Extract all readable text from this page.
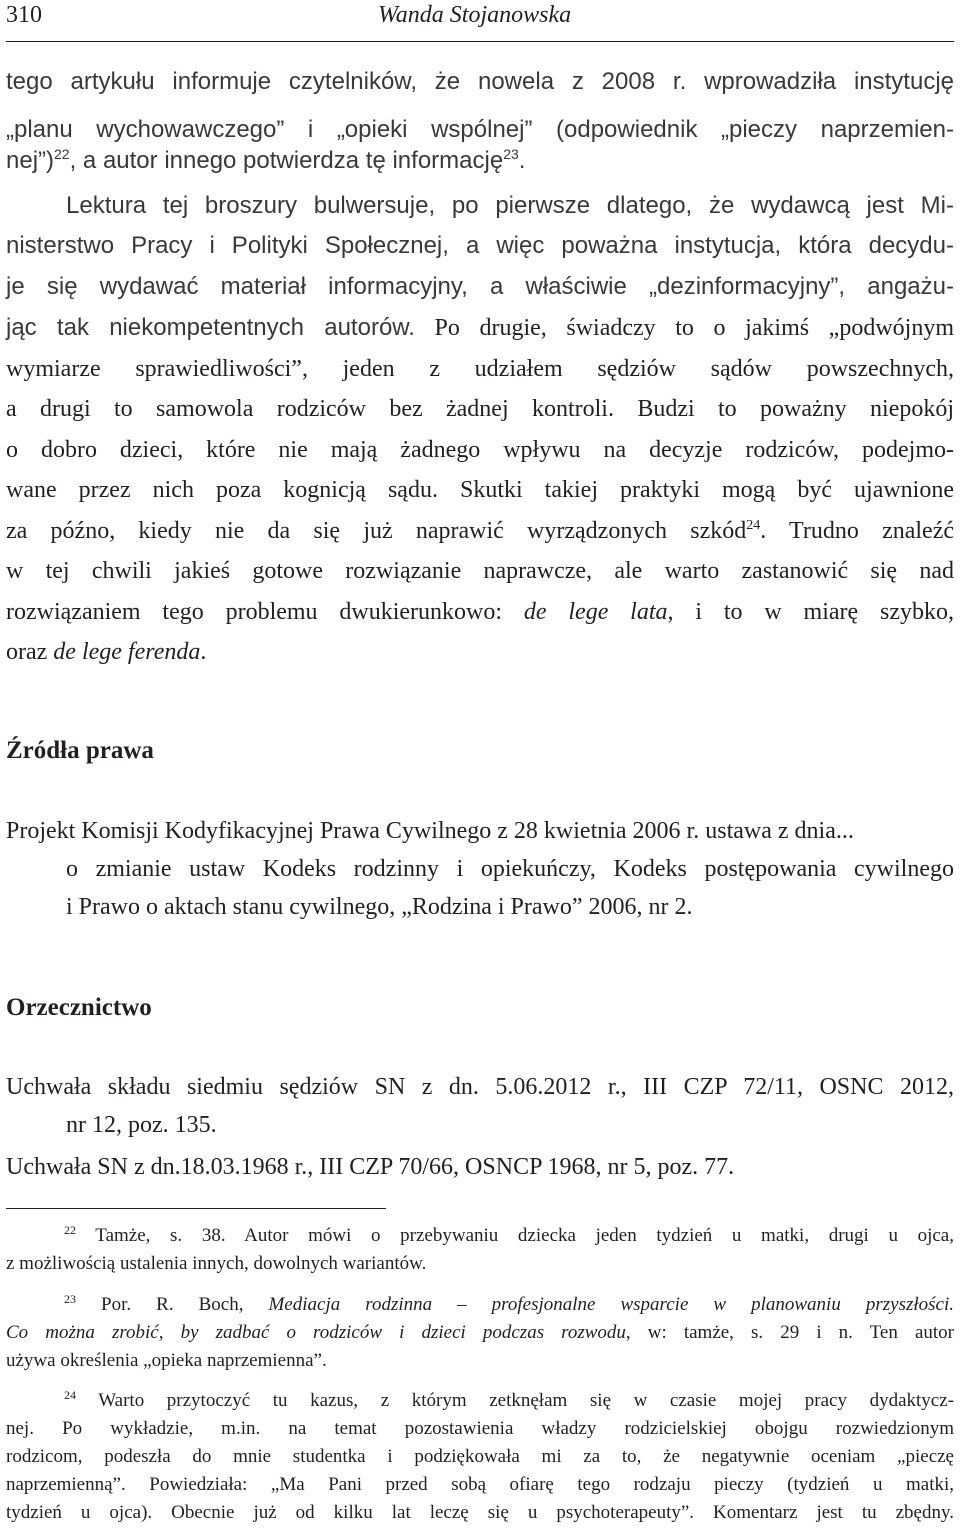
310	Wanda Stojanowska
tego artykułu informuje czytelników, że nowela z 2008 r. wprowadziła instytucję
„planu wychowawczego” i „opieki wspólnej” (odpowiednik „pieczy naprzemien-
nej”)$^{22}$, a autor innego potwierdza tę informację$^{23}$.
Lektura tej broszury bulwersuje, po pierwsze dlatego, że wydawcą jest Mi-
nisterstwo Pracy i Polityki Społecznej, a więc poważna instytucja, która decydu-
je się wydawać materiał informacyjny, a właściwie „dezinformacyjny”, angażu-
jąc tak niekompetentnych autorów. Po drugie, świadczy to o jakimś „podwójnym
wymiarze sprawiedliwości”, jeden z udziałem sędziów sądów powszechnych,
a drugi to samowola rodziców bez żadnej kontroli. Budzi to poważny niepokój
o dobro dzieci, które nie mają żadnego wpływu na decyzje rodziców, podejmo-
wane przez nich poza kognicją sądu. Skutki takiej praktyki mogą być ujawnione
za późno, kiedy nie da się już naprawić wyrządzonych szkód$^{24}$. Trudno znaleźć
w tej chwili jakieś gotowe rozwiązanie naprawcze, ale warto zastanowić się nad
rozwiązaniem tego problemu dwukierunkowo: de lege lata, i to w miarę szybko,
oraz de lege ferenda.
Źródła prawa
Projekt Komisji Kodyfikacyjnej Prawa Cywilnego z 28 kwietnia 2006 r. ustawa z dnia...
o zmianie ustaw Kodeks rodzinny i opiekuńczy, Kodeks postępowania cywilnego
i Prawo o aktach stanu cywilnego, „Rodzina i Prawo” 2006, nr 2.
Orzecznictwo
Uchwała składu siedmiu sędziów SN z dn. 5.06.2012 r., III CZP 72/11, OSNC 2012,
nr 12, poz. 135.
Uchwała SN z dn.18.03.1968 r., III CZP 70/66, OSNCP 1968, nr 5, poz. 77.
$^{22}$ Tamże, s. 38. Autor mówi o przebywaniu dziecka jeden tydzień u matki, drugi u ojca,
z możliwością ustalenia innych, dowolnych wariantów.
$^{23}$ Por. R. Boch, Mediacja rodzinna – profesjonalne wsparcie w planowaniu przyszłości.
Co można zrobić, by zadbać o rodziców i dzieci podczas rozwodu, w: tamże, s. 29 i n. Ten autor
używa określenia „opieka naprzemienna”.
$^{24}$ Warto przytoczyć tu kazus, z którym zetknęłam się w czasie mojej pracy dydaktycz-
nej. Po wykładzie, m.in. na temat pozostawienia władzy rodzicielskiej obojgu rozwiedzionym
rodzicom, podeszła do mnie studentka i podziękowała mi za to, że negatywnie oceniam „pieczę
naprzemienną”. Powiedziała: „Ma Pani przed sobą ofiarę tego rodzaju pieczy (tydzień u matki,
tydzień u ojca). Obecnie już od kilku lat leczę się u psychoterapeuty”. Komentarz jest tu zbędny.
